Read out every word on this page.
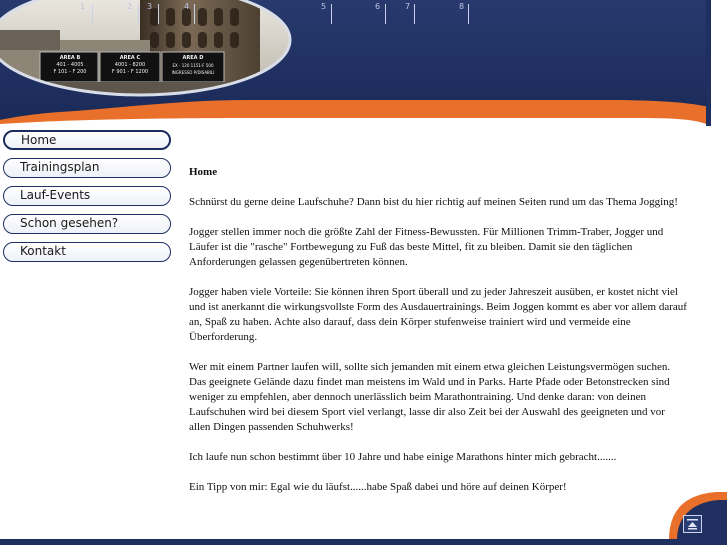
AREA B
401 - 4005
F 101 - F 200
AREA C
4001 - 8200
F 901 - F 1200
AREA D
EX - 120 1151-F 500
INGRESSO P/DISABILI
1	2 3	4	5	6	7	8
Home
Trainingsplan
Lauf-Events
Schon gesehen?
Kontakt
Home

Schnürst du gerne deine Laufschuhe? Dann bist du hier richtig auf meinen Seiten rund um das Thema Jogging!

Jogger stellen immer noch die größte Zahl der Fitness-Bewussten. Für Millionen Trimm-Traber, Jogger und Läufer ist die "rasche" Fortbewegung zu Fuß das beste Mittel, fit zu bleiben. Damit sie den täglichen Anforderungen gelassen gegenübertreten können.

Jogger haben viele Vorteile: Sie können ihren Sport überall und zu jeder Jahreszeit ausüben, er kostet nicht viel und ist anerkannt die wirkungsvollste Form des Ausdauertrainings. Beim Joggen kommt es aber vor allem darauf an, Spaß zu haben. Achte also darauf, dass dein Körper stufenweise trainiert wird und vermeide eine Überforderung.

Wer mit einem Partner laufen will, sollte sich jemanden mit einem etwa gleichen Leistungsvermögen suchen. Das geeignete Gelände dazu findet man meistens im Wald und in Parks. Harte Pfade oder Betonstrecken sind weniger zu empfehlen, aber dennoch unerlässlich beim Marathontraining. Und denke daran: von deinen Laufschuhen wird bei diesem Sport viel verlangt, lasse dir also Zeit bei der Auswahl des geeigneten und vor allen Dingen passenden Schuhwerks!

Ich laufe nun schon bestimmt über 10 Jahre und habe einige Marathons hinter mich gebracht.......

Ein Tipp von mir: Egal wie du läufst......habe Spaß dabei und höre auf deinen Körper!
